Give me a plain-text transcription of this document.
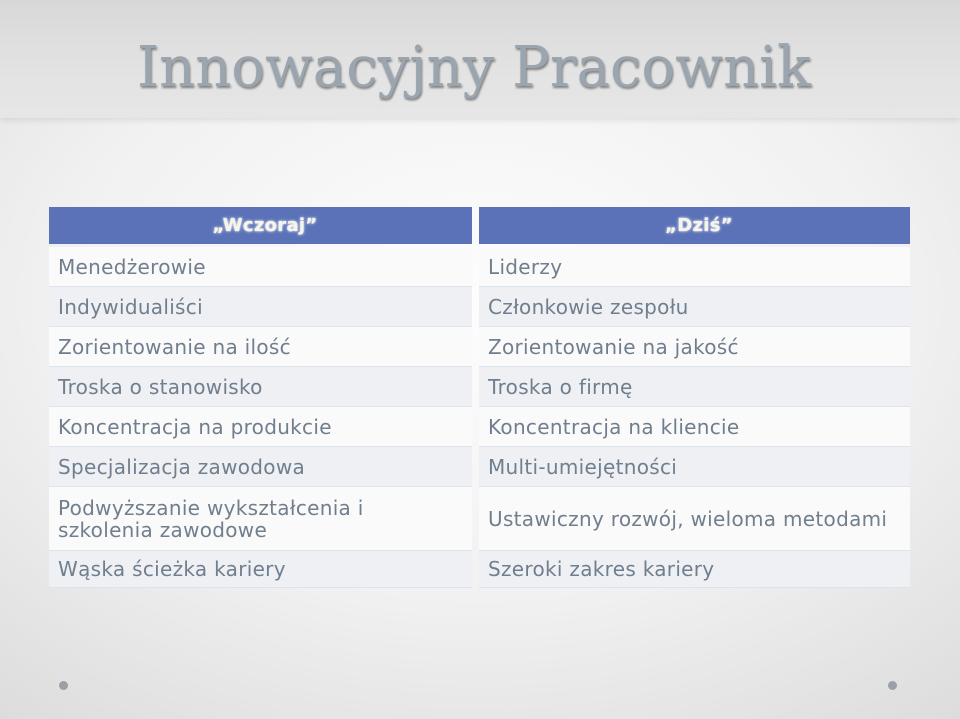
Innowacyjny Pracownik
„Wczoraj”
Menedżerowie
Indywidualiści
Zorientowanie na ilość
Troska o stanowisko
Koncentracja na produkcie
Specjalizacja zawodowa
Podwyższanie wykształcenia i szkolenia zawodowe
Wąska ścieżka kariery
„Dziś”
Liderzy
Członkowie zespołu
Zorientowanie na jakość
Troska o firmę
Koncentracja na kliencie
Multi-umiejętności
Ustawiczny rozwój, wieloma metodami
Szeroki zakres kariery
